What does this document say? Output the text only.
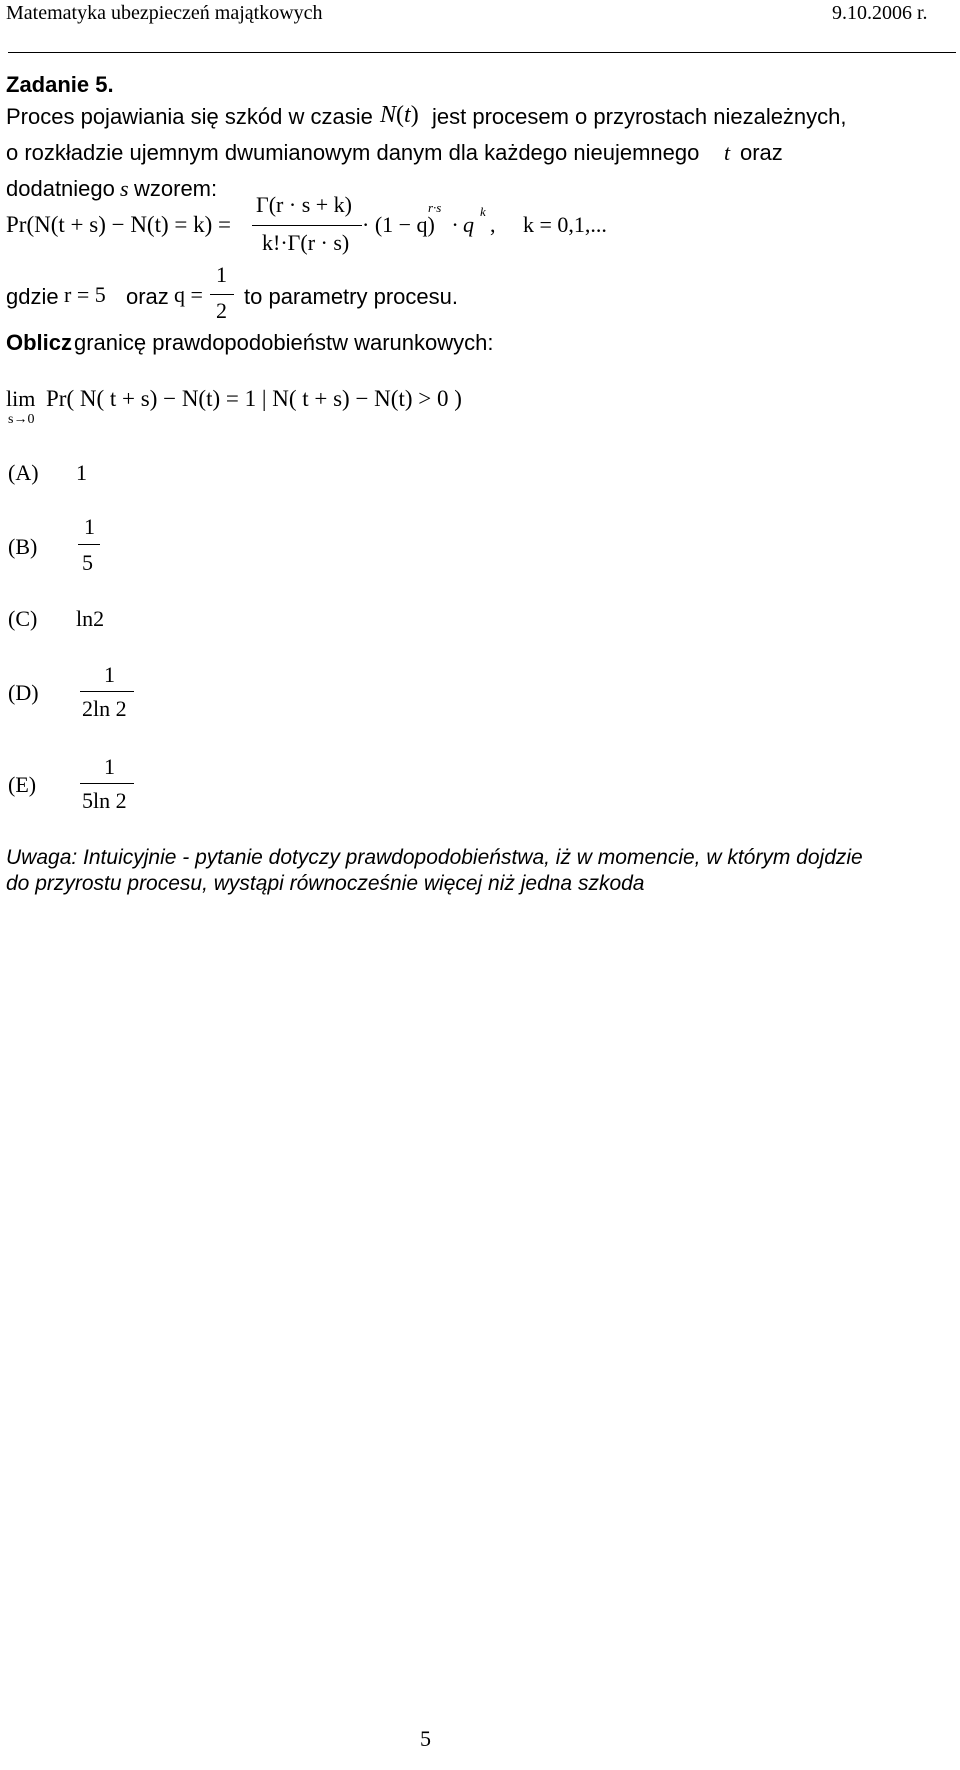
Matematyka ubezpieczeń majątkowych	9.10.2006 r.
Zadanie 5.
Proces pojawiania się szkód w czasie N(t) jest procesem o przyrostach niezależnych,
o rozkładzie ujemnym dwumianowym danym dla każdego nieujemnego t oraz
dodatniego s wzorem:
Pr(N(t + s) − N(t) = k) =
Γ(r · s + k)
k!·Γ(r · s)
· (1 − q)
r·s
· q
k
,     k = 0,1,...
gdzie r = 5 oraz q =
1
2
to parametry procesu.
Oblicz granicę prawdopodobieństw warunkowych:
lim
s→0
Pr( N( t + s) − N(t) = 1 | N( t + s) − N(t) > 0 )
(A) 1
(B)
1
5
(C) ln2
(D)
1
2ln 2
(E)
1
5ln 2
Uwaga: Intuicyjnie - pytanie dotyczy prawdopodobieństwa, iż w momencie, w którym dojdzie
do przyrostu procesu, wystąpi równocześnie więcej niż jedna szkoda
5
